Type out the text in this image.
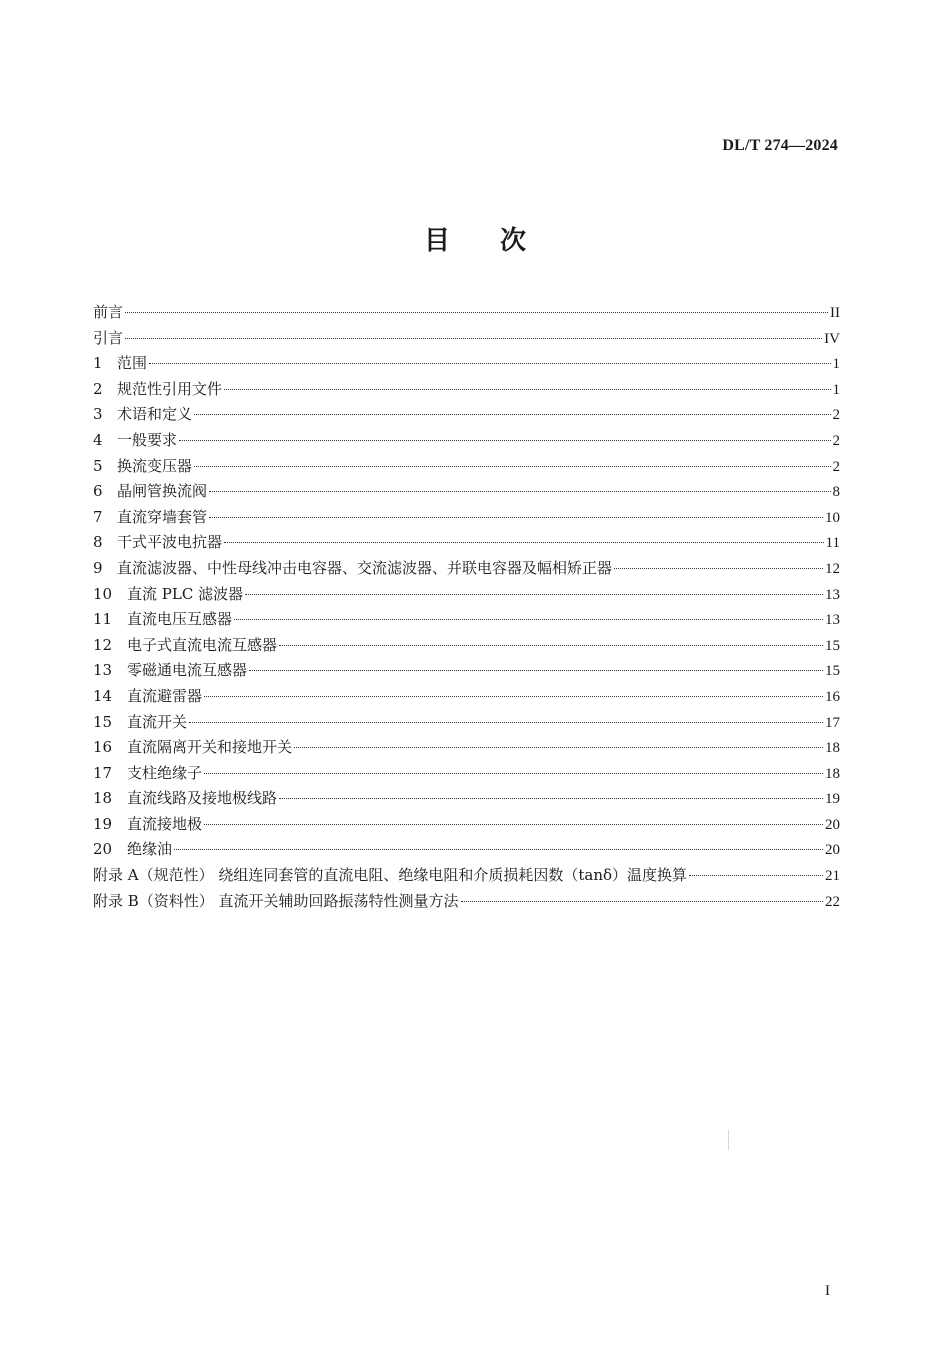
DL/T 274—2024
目次
前言	II
引言	IV
1 范围	1
2 规范性引用文件	1
3 术语和定义	2
4 一般要求	2
5 换流变压器	2
6 晶闸管换流阀	8
7 直流穿墙套管	10
8 干式平波电抗器	11
9 直流滤波器、中性母线冲击电容器、交流滤波器、并联电容器及幅相矫正器	12
10 直流 PLC 滤波器	13
11 直流电压互感器	13
12 电子式直流电流互感器	15
13 零磁通电流互感器	15
14 直流避雷器	16
15 直流开关	17
16 直流隔离开关和接地开关	18
17 支柱绝缘子	18
18 直流线路及接地极线路	19
19 直流接地极	20
20 绝缘油	20
附录 A（规范性） 绕组连同套管的直流电阻、绝缘电阻和介质损耗因数（tanδ）温度换算	21
附录 B（资料性） 直流开关辅助回路振荡特性测量方法	22
I
